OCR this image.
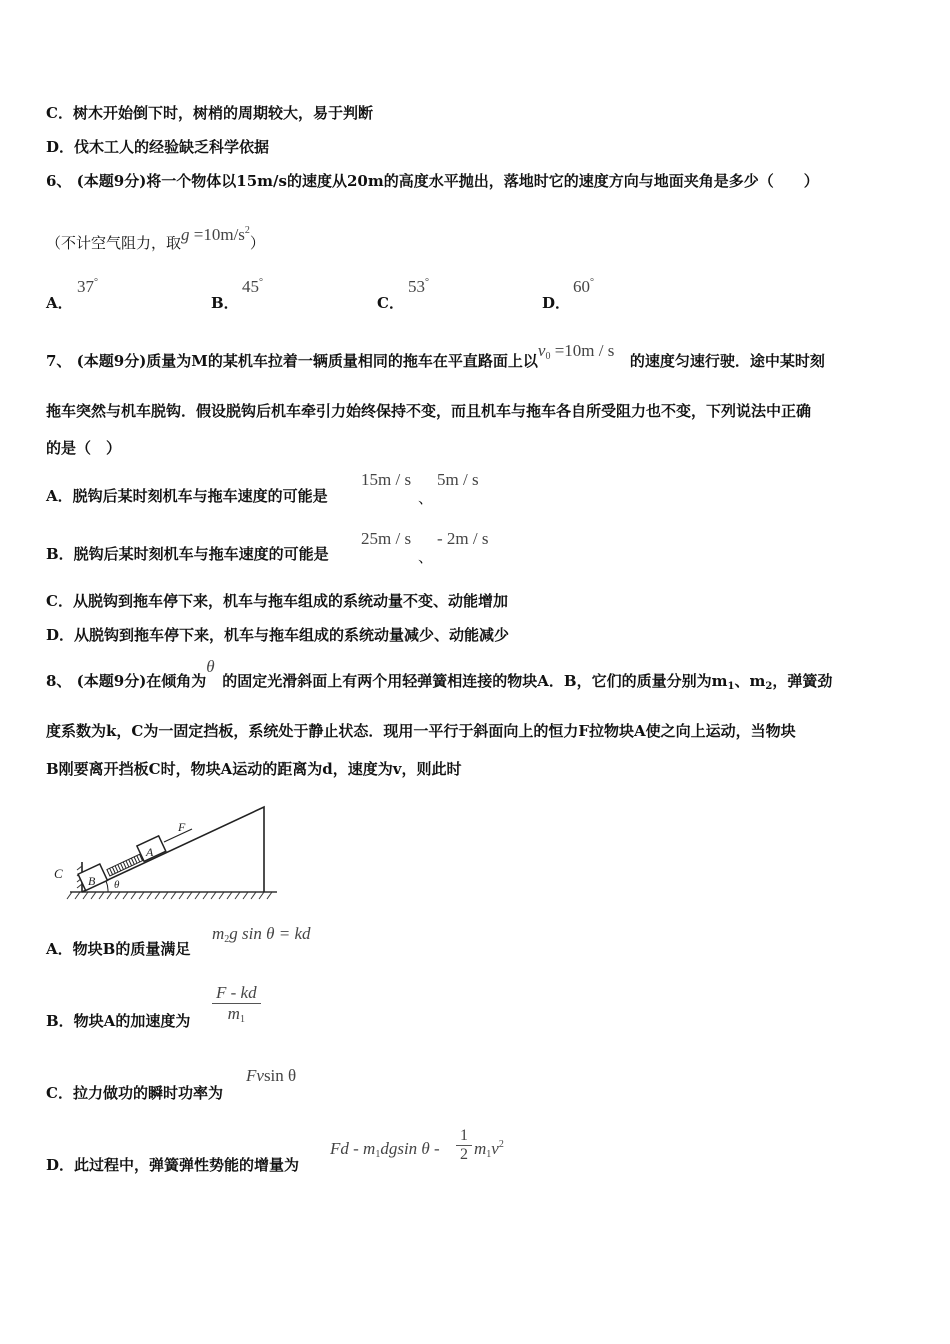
C．树木开始倒下时，树梢的周期较大，易于判断
D．伐木工人的经验缺乏科学依据
6、 (本题9分)将一个物体以15m/s的速度从20m的高度水平抛出，落地时它的速度方向与地面夹角是多少（　　）
（不计空气阻力，取$g =10m/s^2$）
A．
37°
B．
45°
C．
53°
D．
60°
7、 (本题9分)质量为M的某机车拉着一辆质量相同的拖车在平直路面上以$v_0 =10m / s$的速度匀速行驶．途中某时刻
拖车突然与机车脱钩．假设脱钩后机车牵引力始终保持不变，而且机车与拖车各自所受阻力也不变，下列说法中正确
的是（　）
A．脱钩后某时刻机车与拖车速度的可能是
15m / s
、
5m / s
B．脱钩后某时刻机车与拖车速度的可能是
25m / s
、
- 2m / s
C．从脱钩到拖车停下来，机车与拖车组成的系统动量不变、动能增加
D．从脱钩到拖车停下来，机车与拖车组成的系统动量减少、动能减少
8、 (本题9分)在倾角为θ的固定光滑斜面上有两个用轻弹簧相连接的物块A．B，它们的质量分别为$m_1$、$m_2$，弹簧劲
度系数为k，C为一固定挡板，系统处于静止状态．现用一平行于斜面向上的恒力F拉物块A使之向上运动，当物块
B刚要离开挡板C时，物块A运动的距离为d，速度为v，则此时
C B
A
F
θ
A．物块B的质量满足
$m_2g$ sin θ = kd
B．物块A的加速度为
F - kd
$m_1$
C．拉力做功的瞬时功率为
Fvsin θ
D．此过程中，弹簧弹性势能的增量为
Fd - $m_1dgsin$ θ -
1
2 $m_1v^2$
